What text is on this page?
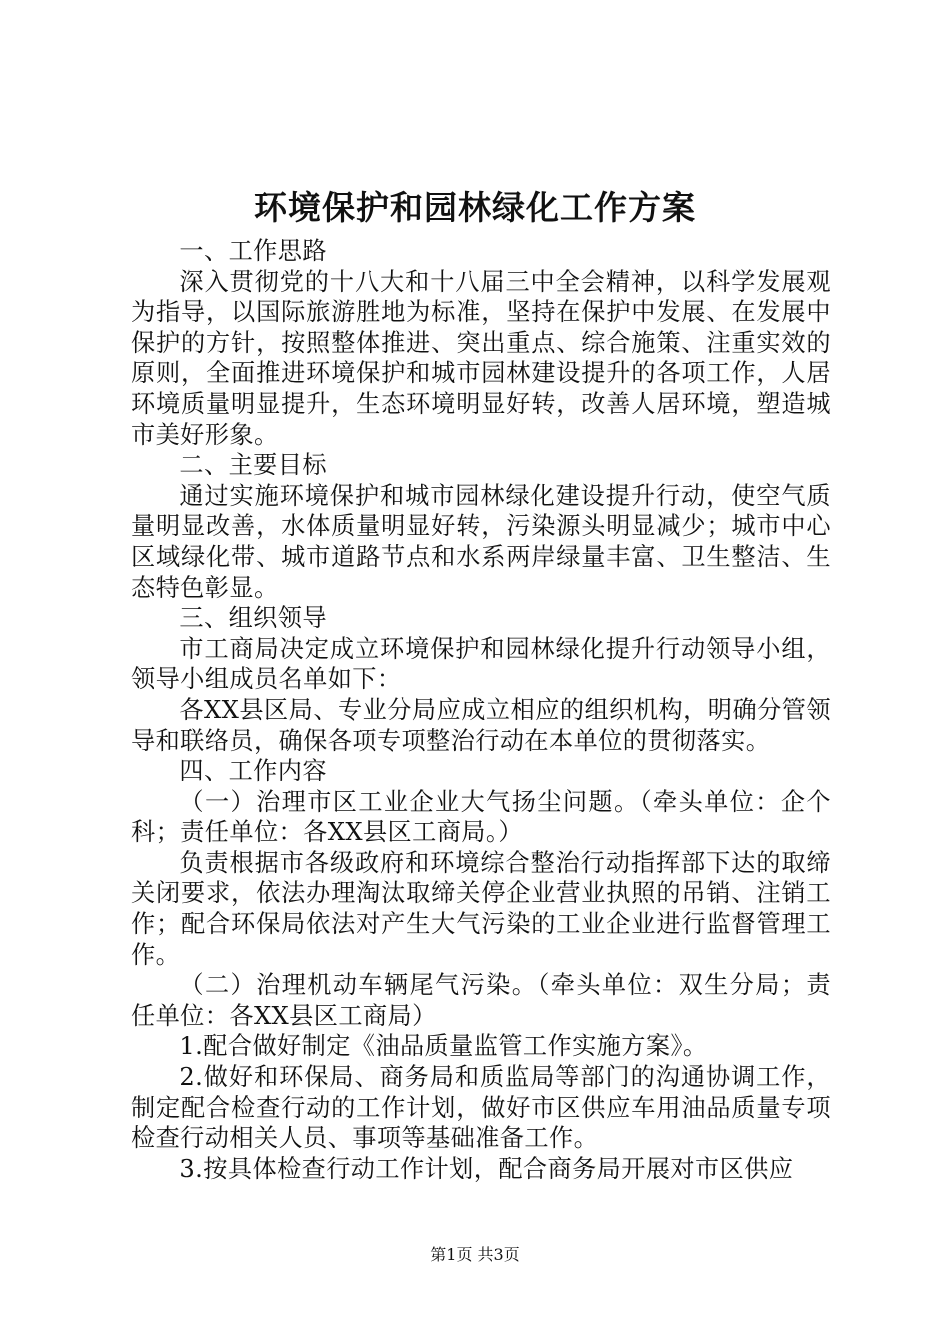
环境保护和园林绿化工作方案

一、工作思路

深入贯彻党的十八大和十八届三中全会精神，以科学发展观为指导，以国际旅游胜地为标准，坚持在保护中发展、在发展中保护的方针，按照整体推进、突出重点、综合施策、注重实效的原则，全面推进环境保护和城市园林建设提升的各项工作，人居环境质量明显提升，生态环境明显好转，改善人居环境，塑造城市美好形象。

二、主要目标

通过实施环境保护和城市园林绿化建设提升行动，使空气质量明显改善，水体质量明显好转，污染源头明显减少；城市中心区域绿化带、城市道路节点和水系两岸绿量丰富、卫生整洁、生态特色彰显。

三、组织领导

市工商局决定成立环境保护和园林绿化提升行动领导小组，领导小组成员名单如下：

各XX县区局、专业分局应成立相应的组织机构，明确分管领导和联络员，确保各项专项整治行动在本单位的贯彻落实。

四、工作内容

（一）治理市区工业企业大气扬尘问题。（牵头单位：企个科；责任单位：各XX县区工商局。）

负责根据市各级政府和环境综合整治行动指挥部下达的取缔关闭要求，依法办理淘汰取缔关停企业营业执照的吊销、注销工作；配合环保局依法对产生大气污染的工业企业进行监督管理工作。

（二）治理机动车辆尾气污染。（牵头单位：双生分局；责任单位：各XX县区工商局）

1.配合做好制定《油品质量监管工作实施方案》。

2.做好和环保局、商务局和质监局等部门的沟通协调工作，制定配合检查行动的工作计划，做好市区供应车用油品质量专项检查行动相关人员、事项等基础准备工作。

3.按具体检查行动工作计划，配合商务局开展对市区供应

第1页 共3页
